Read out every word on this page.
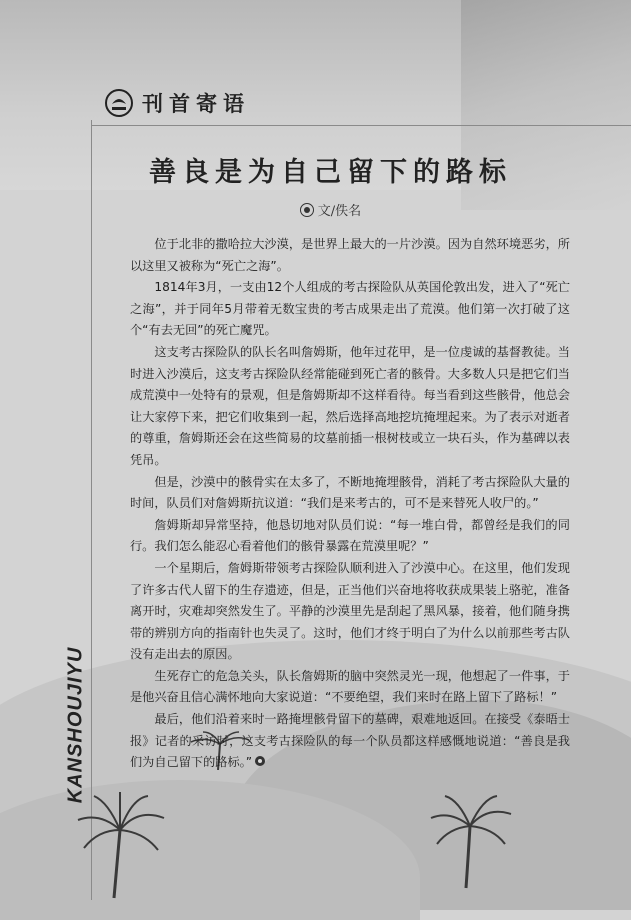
刊首寄语
善良是为自己留下的路标
文/佚名

位于北非的撒哈拉大沙漠，是世界上最大的一片沙漠。因为自然环境恶劣，所以这里又被称为“死亡之海”。

1814年3月，一支由12个人组成的考古探险队从英国伦敦出发，进入了“死亡之海”，并于同年5月带着无数宝贵的考古成果走出了荒漠。他们第一次打破了这个“有去无回”的死亡魔咒。

这支考古探险队的队长名叫詹姆斯，他年过花甲，是一位虔诚的基督教徒。当时进入沙漠后，这支考古探险队经常能碰到死亡者的骸骨。大多数人只是把它们当成荒漠中一处特有的景观，但是詹姆斯却不这样看待。每当看到这些骸骨，他总会让大家停下来，把它们收集到一起，然后选择高地挖坑掩埋起来。为了表示对逝者的尊重，詹姆斯还会在这些简易的坟墓前插一根树枝或立一块石头，作为墓碑以表凭吊。

但是，沙漠中的骸骨实在太多了，不断地掩埋骸骨，消耗了考古探险队大量的时间，队员们对詹姆斯抗议道：“我们是来考古的，可不是来替死人收尸的。”

詹姆斯却异常坚持，他恳切地对队员们说：“每一堆白骨，都曾经是我们的同行。我们怎么能忍心看着他们的骸骨暴露在荒漠里呢？”

一个星期后，詹姆斯带领考古探险队顺利进入了沙漠中心。在这里，他们发现了许多古代人留下的生存遗迹，但是，正当他们兴奋地将收获成果装上骆驼，准备离开时，灾难却突然发生了。平静的沙漠里先是刮起了黑风暴，接着，他们随身携带的辨别方向的指南针也失灵了。这时，他们才终于明白了为什么以前那些考古队没有走出去的原因。

生死存亡的危急关头，队长詹姆斯的脑中突然灵光一现，他想起了一件事，于是他兴奋且信心满怀地向大家说道：“不要绝望，我们来时在路上留下了路标！”

最后，他们沿着来时一路掩埋骸骨留下的墓碑，艰难地返回。在接受《泰晤士报》记者的采访时，这支考古探险队的每一个队员都这样感慨地说道：“善良是我们为自己留下的路标。”

KANSHOUJIYU
